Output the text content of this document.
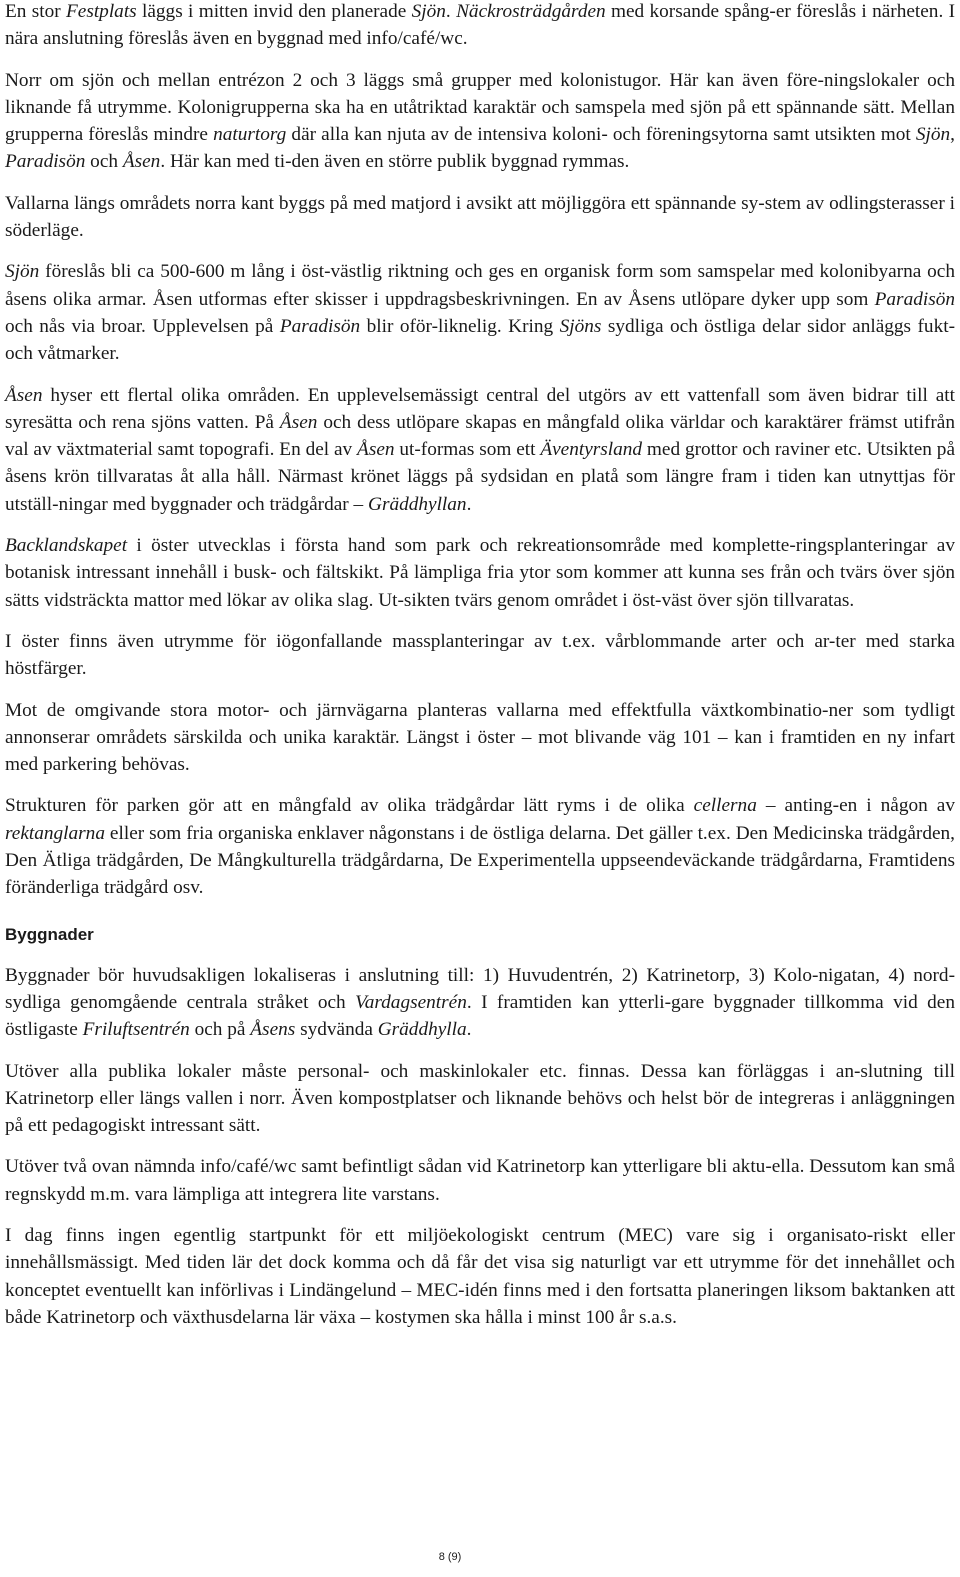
En stor Festplats läggs i mitten invid den planerade Sjön. Näckrosträdgården med korsande spång-er föreslås i närheten. I nära anslutning föreslås även en byggnad med info/café/wc.

Norr om sjön och mellan entrézon 2 och 3 läggs små grupper med kolonistugor. Här kan även före-ningslokaler och liknande få utrymme. Kolonigrupperna ska ha en utåtriktad karaktär och samspela med sjön på ett spännande sätt. Mellan grupperna föreslås mindre naturtorg där alla kan njuta av de intensiva koloni- och föreningsytorna samt utsikten mot Sjön, Paradisön och Åsen. Här kan med ti-den även en större publik byggnad rymmas.

Vallarna längs områdets norra kant byggs på med matjord i avsikt att möjliggöra ett spännande sy-stem av odlingsterasser i söderläge.

Sjön föreslås bli ca 500-600 m lång i öst-västlig riktning och ges en organisk form som samspelar med kolonibyarna och åsens olika armar. Åsen utformas efter skisser i uppdragsbeskrivningen. En av Åsens utlöpare dyker upp som Paradisön och nås via broar. Upplevelsen på Paradisön blir oför-liknelig. Kring Sjöns sydliga och östliga delar sidor anläggs fukt- och våtmarker.

Åsen hyser ett flertal olika områden. En upplevelsemässigt central del utgörs av ett vattenfall som även bidrar till att syresätta och rena sjöns vatten. På Åsen och dess utlöpare skapas en mångfald olika världar och karaktärer främst utifrån val av växtmaterial samt topografi. En del av Åsen ut-formas som ett Äventyrsland med grottor och raviner etc. Utsikten på åsens krön tillvaratas åt alla håll. Närmast krönet läggs på sydsidan en platå som längre fram i tiden kan utnyttjas för utställ-ningar med byggnader och trädgårdar – Gräddhyllan.

Backlandskapet i öster utvecklas i första hand som park och rekreationsområde med komplette-ringsplanteringar av botanisk intressant innehåll i busk- och fältskikt. På lämpliga fria ytor som kommer att kunna ses från och tvärs över sjön sätts vidsträckta mattor med lökar av olika slag. Ut-sikten tvärs genom området i öst-väst över sjön tillvaratas.

I öster finns även utrymme för iögonfallande massplanteringar av t.ex. vårblommande arter och ar-ter med starka höstfärger.

Mot de omgivande stora motor- och järnvägarna planteras vallarna med effektfulla växtkombinatio-ner som tydligt annonserar områdets särskilda och unika karaktär. Längst i öster – mot blivande väg 101 – kan i framtiden en ny infart med parkering behövas.

Strukturen för parken gör att en mångfald av olika trädgårdar lätt ryms i de olika cellerna – anting-en i någon av rektanglarna eller som fria organiska enklaver någonstans i de östliga delarna. Det gäller t.ex. Den Medicinska trädgården, Den Ätliga trädgården, De Mångkulturella trädgårdarna, De Experimentella uppseendeväckande trädgårdarna, Framtidens föränderliga trädgård osv.

Byggnader

Byggnader bör huvudsakligen lokaliseras i anslutning till: 1) Huvudentrén, 2) Katrinetorp, 3) Kolo-nigatan, 4) nord-sydliga genomgående centrala stråket och Vardagsentrén. I framtiden kan ytterli-gare byggnader tillkomma vid den östligaste Friluftsentrén och på Åsens sydvända Gräddhylla.

Utöver alla publika lokaler måste personal- och maskinlokaler etc. finnas. Dessa kan förläggas i an-slutning till Katrinetorp eller längs vallen i norr. Även kompostplatser och liknande behövs och helst bör de integreras i anläggningen på ett pedagogiskt intressant sätt.

Utöver två ovan nämnda info/café/wc samt befintligt sådan vid Katrinetorp kan ytterligare bli aktu-ella. Dessutom kan små regnskydd m.m. vara lämpliga att integrera lite varstans.

I dag finns ingen egentlig startpunkt för ett miljöekologiskt centrum (MEC) vare sig i organisato-riskt eller innehållsmässigt. Med tiden lär det dock komma och då får det visa sig naturligt var ett utrymme för det innehållet och konceptet eventuellt kan införlivas i Lindängelund – MEC-idén finns med i den fortsatta planeringen liksom baktanken att både Katrinetorp och växthusdelarna lär växa – kostymen ska hålla i minst 100 år s.a.s.

8 (9)
